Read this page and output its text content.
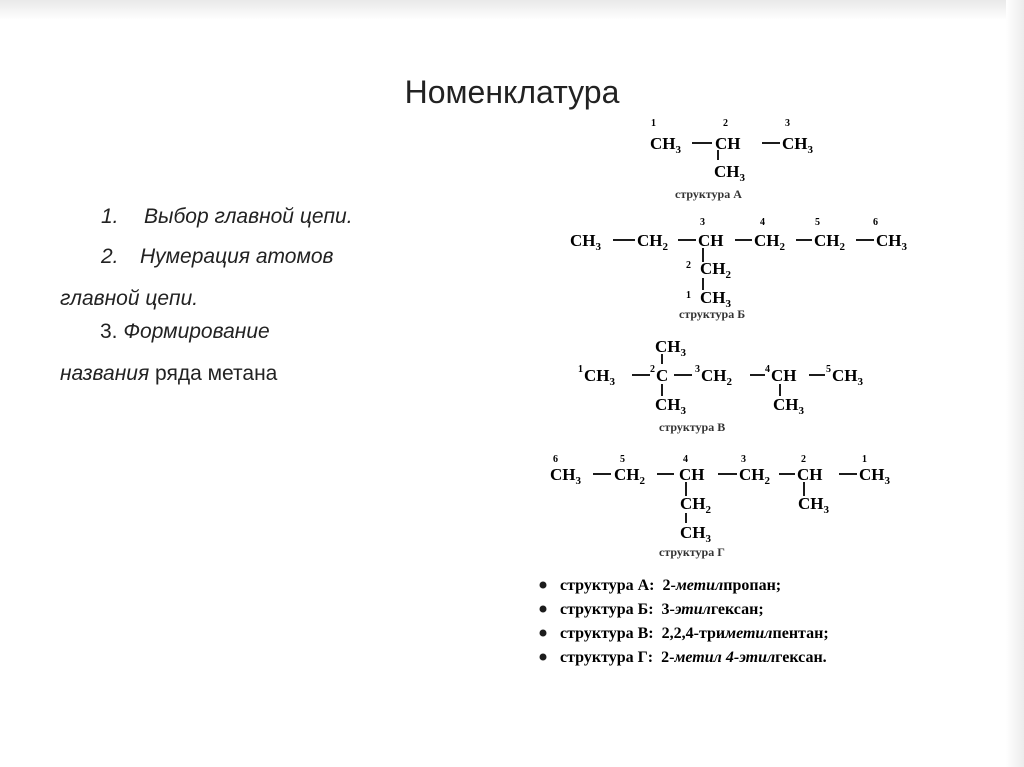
Номенклатура
1. Выбор главной цепи.
2. Нумерация атомов
главной цепи.
3. Формирование
названия ряда метана
1	2	3
$CH_3$ CH $CH_3$
$CH_3$
структура А
3	4	5	6
2
1
$CH_3$ $CH_2$ CH $CH_2$ $CH_2$ $CH_3$
$CH_2$
$CH_3$
структура Б
$CH_3$
1 $CH_3$
2 C	3 $CH_2$
4 CH	5 $CH_3$
$CH_3$	$CH_3$
структура В
6	5	4	3	2	1
$CH_3$ $CH_2$ CH $CH_2$ CH $CH_3$
$CH_2$
$CH_3$
$CH_3$
структура Г
структура А: 2-метилпропан;
структура Б: 3-этилгексан;
структура В: 2,2,4-триметилпентан;
структура Г: 2-метил 4-этилгексан.
